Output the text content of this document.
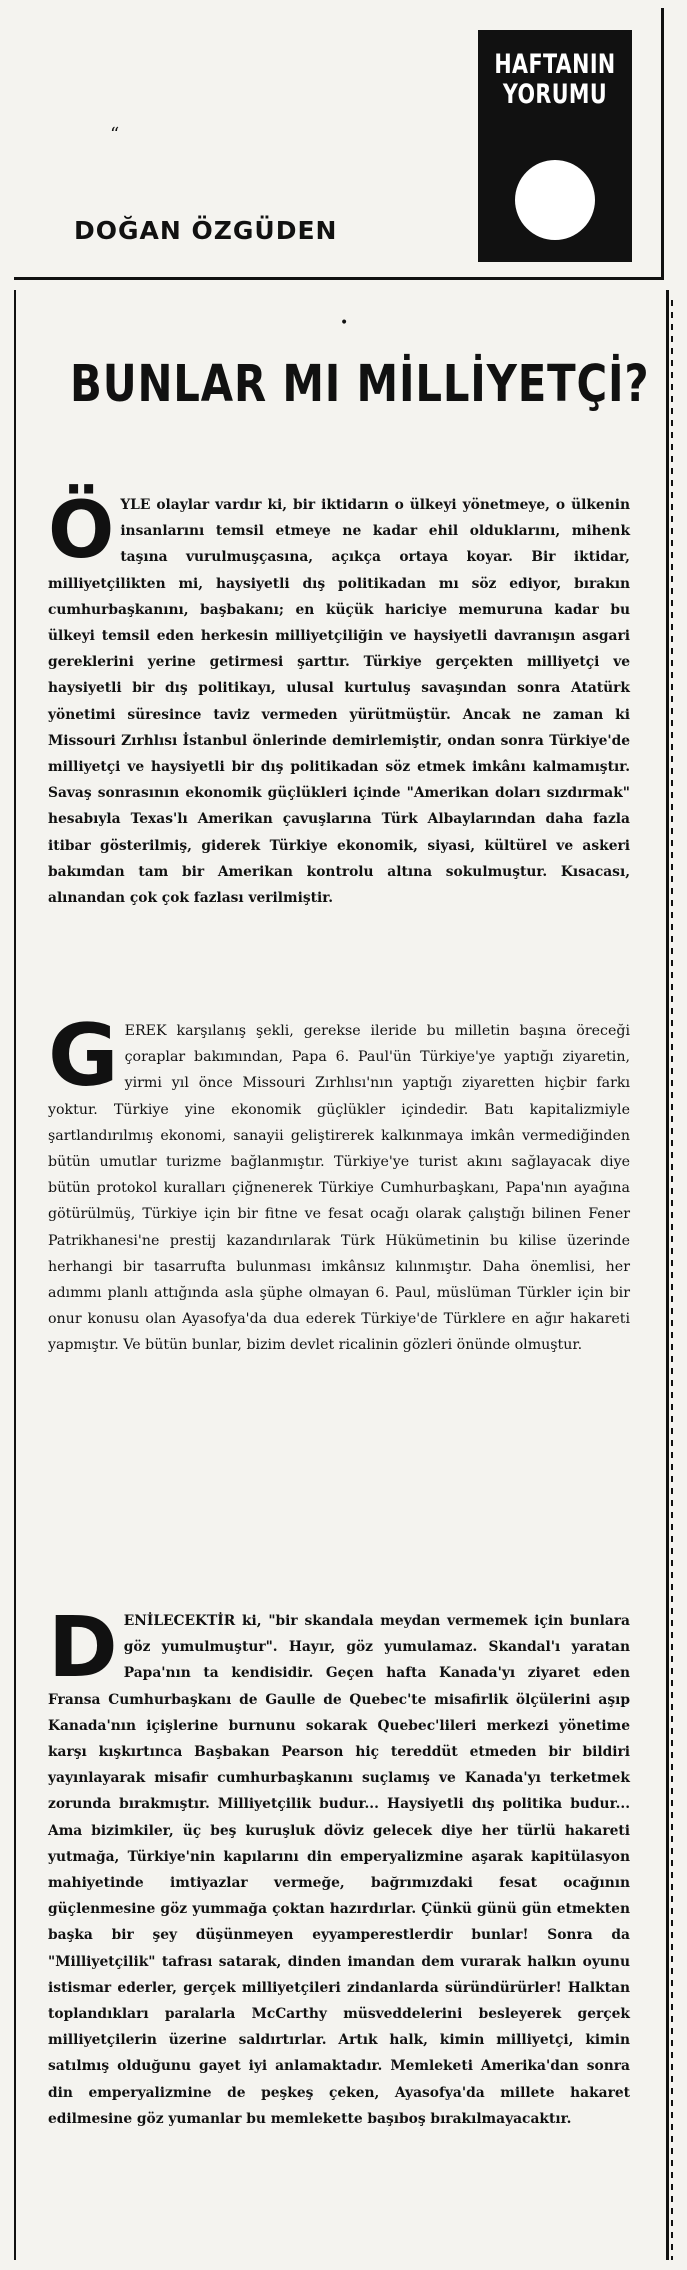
“
DOĞAN ÖZGÜDEN
HAFTANIN
YORUMU
•
BUNLAR MI MİLLİYETÇİ?
Ö YLE olaylar vardır ki, bir iktidarın o ülkeyi yönetmeye, o ülkenin insanlarını temsil etmeye ne kadar ehil olduklarını, mihenk taşına vurulmuşçasına, açıkça ortaya koyar. Bir iktidar, milliyetçilikten mi, haysiyetli dış politikadan mı söz ediyor, bırakın cumhurbaşkanını, başbakanı; en küçük hariciye memuruna kadar bu ülkeyi temsil eden herkesin milliyetçiliğin ve haysiyetli davranışın asgari gereklerini yerine getirmesi şarttır. Türkiye gerçekten milliyetçi ve haysiyetli bir dış politikayı, ulusal kurtuluş savaşından sonra Atatürk yönetimi süresince taviz vermeden yürütmüştür. Ancak ne zaman ki Missouri Zırhlısı İstanbul önlerinde demirlemiştir, ondan sonra Türkiye'de milliyetçi ve haysiyetli bir dış politikadan söz etmek imkânı kalmamıştır. Savaş sonrasının ekonomik güçlükleri içinde "Amerikan doları sızdırmak" hesabıyla Texas'lı Amerikan çavuşlarına Türk Albaylarından daha fazla itibar gösterilmiş, giderek Türkiye ekonomik, siyasi, kültürel ve askeri bakımdan tam bir Amerikan kontrolu altına sokulmuştur. Kısacası, alınandan çok çok fazlası verilmiştir.

G EREK karşılanış şekli, gerekse ileride bu milletin başına öreceği çoraplar bakımından, Papa 6. Paul'ün Türkiye'ye yaptığı ziyaretin, yirmi yıl önce Missouri Zırhlısı'nın yaptığı ziyaretten hiçbir farkı yoktur. Türkiye yine ekonomik güçlükler içindedir. Batı kapitalizmiyle şartlandırılmış ekonomi, sanayii geliştirerek kalkınmaya imkân vermediğinden bütün umutlar turizme bağlanmıştır. Türkiye'ye turist akını sağlayacak diye bütün protokol kuralları çiğnenerek Türkiye Cumhurbaşkanı, Papa'nın ayağına götürülmüş, Türkiye için bir fitne ve fesat ocağı olarak çalıştığı bilinen Fener Patrikhanesi'ne prestij kazandırılarak Türk Hükümetinin bu kilise üzerinde herhangi bir tasarrufta bulunması imkânsız kılınmıştır. Daha önemlisi, her adımmı planlı attığında asla şüphe olmayan 6. Paul, müslüman Türkler için bir onur konusu olan Ayasofya'da dua ederek Türkiye'de Türklere en ağır hakareti yapmıştır. Ve bütün bunlar, bizim devlet ricalinin gözleri önünde olmuştur.

D ENİLECEKTİR ki, "bir skandala meydan vermemek için bunlara göz yumulmuştur". Hayır, göz yumulamaz. Skandal'ı yaratan Papa'nın ta kendisidir. Geçen hafta Kanada'yı ziyaret eden Fransa Cumhurbaşkanı de Gaulle de Quebec'te misafirlik ölçülerini aşıp Kanada'nın içişlerine burnunu sokarak Quebec'lileri merkezi yönetime karşı kışkırtınca Başbakan Pearson hiç tereddüt etmeden bir bildiri yayınlayarak misafir cumhurbaşkanını suçlamış ve Kanada'yı terketmek zorunda bırakmıştır. Milliyetçilik budur... Haysiyetli dış politika budur... Ama bizimkiler, üç beş kuruşluk döviz gelecek diye her türlü hakareti yutmağa, Türkiye'nin kapılarını din emperyalizmine aşarak kapitülasyon mahiyetinde imtiyazlar vermeğe, bağrımızdaki fesat ocağının güçlenmesine göz yummağa çoktan hazırdırlar. Çünkü günü gün etmekten başka bir şey düşünmeyen eyyamperestlerdir bunlar! Sonra da "Milliyetçilik" tafrası satarak, dinden imandan dem vurarak halkın oyunu istismar ederler, gerçek milliyetçileri zindanlarda süründürürler! Halktan toplandıkları paralarla McCarthy müsveddelerini besleyerek gerçek milliyetçilerin üzerine saldırtırlar. Artık halk, kimin milliyetçi, kimin satılmış olduğunu gayet iyi anlamaktadır. Memleketi Amerika'dan sonra din emperyalizmine de peşkeş çeken, Ayasofya'da millete hakaret edilmesine göz yumanlar bu memlekette başıboş bırakılmayacaktır.
